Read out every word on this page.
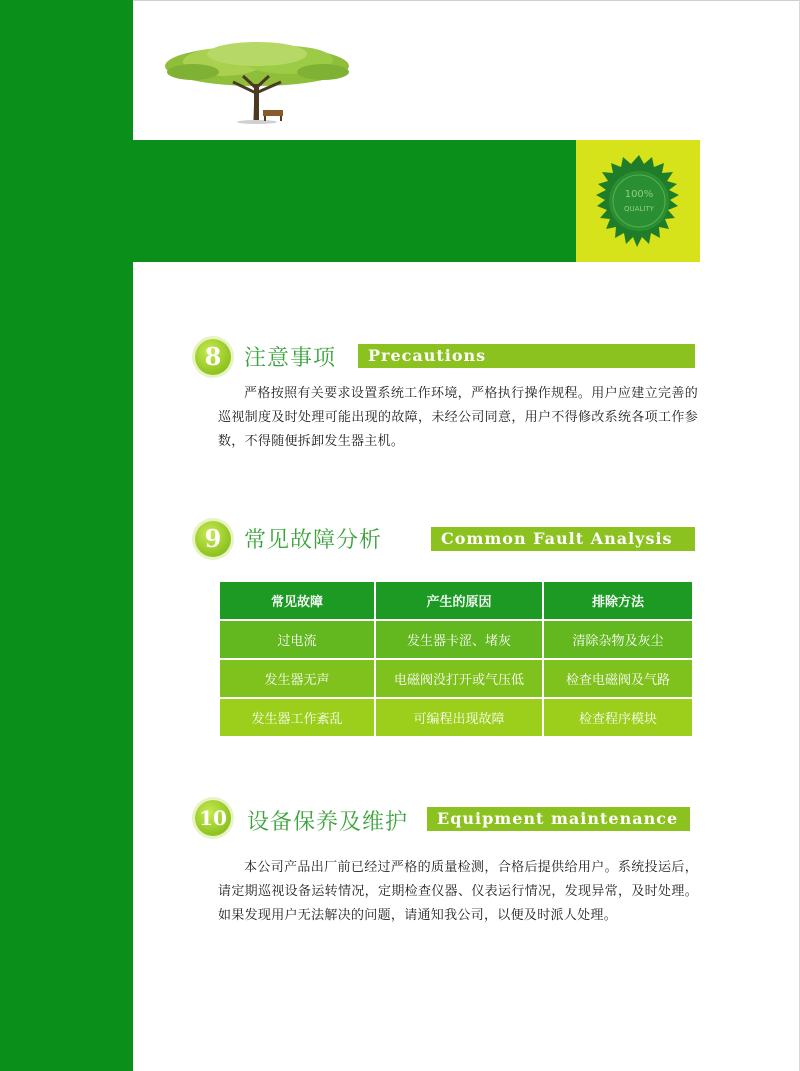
100%
QUALITY
8	注意事项	Precautions
严格按照有关要求设置系统工作环境，严格执行操作规程。用户应建立完善的巡视制度及时处理可能出现的故障，未经公司同意，用户不得修改系统各项工作参数，不得随便拆卸发生器主机。
9	常见故障分析	Common Fault Analysis
常见故障	产生的原因	排除方法
过电流	发生器卡涩、堵灰	清除杂物及灰尘
发生器无声	电磁阀没打开或气压低	检查电磁阀及气路
发生器工作紊乱	可编程出现故障	检查程序模块
10 设备保养及维护	Equipment maintenance
本公司产品出厂前已经过严格的质量检测，合格后提供给用户。系统投运后，请定期巡视设备运转情况，定期检查仪器、仪表运行情况，发现异常，及时处理。如果发现用户无法解决的问题，请通知我公司，以便及时派人处理。
